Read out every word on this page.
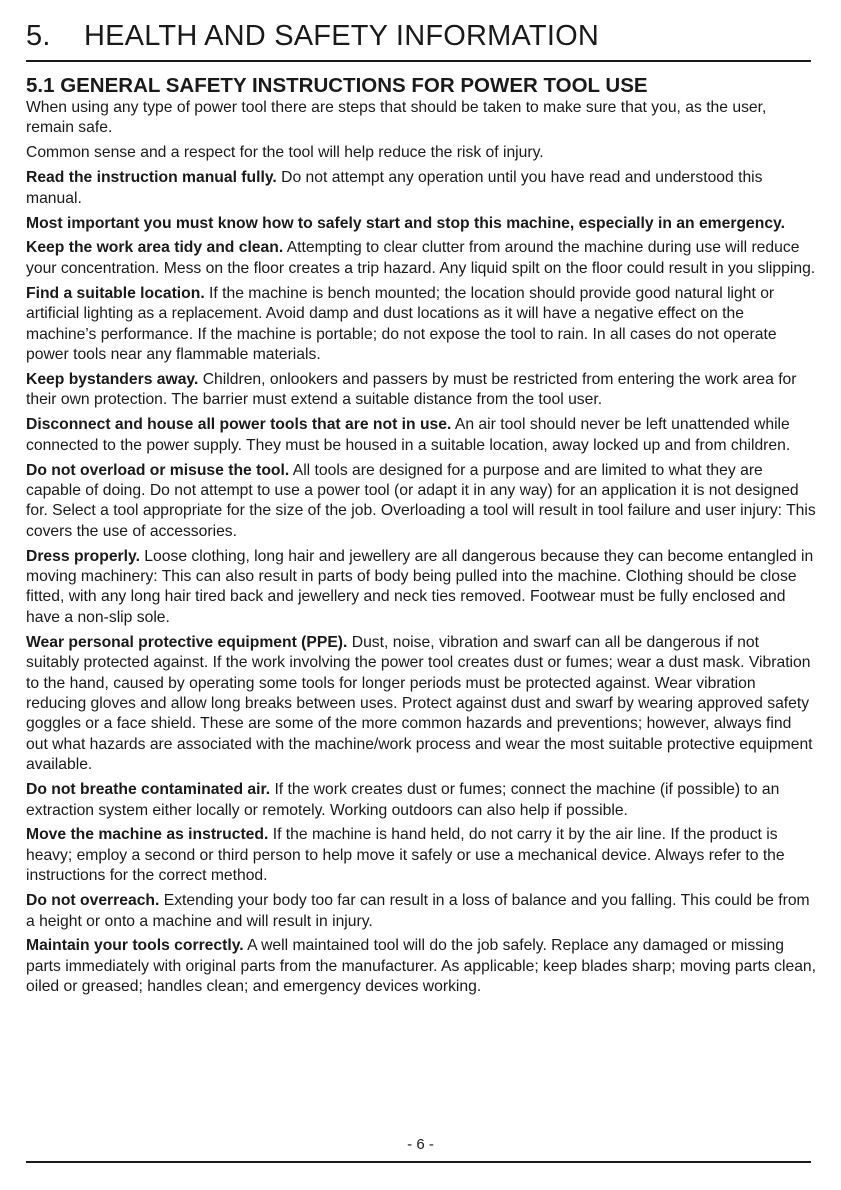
5. HEALTH AND SAFETY INFORMATION
5.1 GENERAL SAFETY INSTRUCTIONS FOR POWER TOOL USE

When using any type of power tool there are steps that should be taken to make sure that you, as the user, remain safe.

Common sense and a respect for the tool will help reduce the risk of injury.

Read the instruction manual fully. Do not attempt any operation until you have read and understood this manual.

Most important you must know how to safely start and stop this machine, especially in an emergency.

Keep the work area tidy and clean. Attempting to clear clutter from around the machine during use will reduce your concentration. Mess on the floor creates a trip hazard. Any liquid spilt on the floor could result in you slipping.

Find a suitable location. If the machine is bench mounted; the location should provide good natural light or artificial lighting as a replacement. Avoid damp and dust locations as it will have a negative effect on the machine’s performance. If the machine is portable; do not expose the tool to rain. In all cases do not operate power tools near any flammable materials.

Keep bystanders away. Children, onlookers and passers by must be restricted from entering the work area for their own protection. The barrier must extend a suitable distance from the tool user.

Disconnect and house all power tools that are not in use. An air tool should never be left unattended while connected to the power supply. They must be housed in a suitable location, away locked up and from children.

Do not overload or misuse the tool. All tools are designed for a purpose and are limited to what they are capable of doing. Do not attempt to use a power tool (or adapt it in any way) for an application it is not designed for. Select a tool appropriate for the size of the job. Overloading a tool will result in tool failure and user injury: This covers the use of accessories.

Dress properly. Loose clothing, long hair and jewellery are all dangerous because they can become entangled in moving machinery: This can also result in parts of body being pulled into the machine. Clothing should be close fitted, with any long hair tired back and jewellery and neck ties removed. Footwear must be fully enclosed and have a non-slip sole.

Wear personal protective equipment (PPE). Dust, noise, vibration and swarf can all be dangerous if not suitably protected against. If the work involving the power tool creates dust or fumes; wear a dust mask. Vibration to the hand, caused by operating some tools for longer periods must be protected against. Wear vibration reducing gloves and allow long breaks between uses. Protect against dust and swarf by wearing approved safety goggles or a face shield. These are some of the more common hazards and preventions; however, always find out what hazards are associated with the machine/work process and wear the most suitable protective equipment available.

Do not breathe contaminated air. If the work creates dust or fumes; connect the machine (if possible) to an extraction system either locally or remotely. Working outdoors can also help if possible.

Move the machine as instructed. If the machine is hand held, do not carry it by the air line. If the product is heavy; employ a second or third person to help move it safely or use a mechanical device. Always refer to the instructions for the correct method.

Do not overreach. Extending your body too far can result in a loss of balance and you falling. This could be from a height or onto a machine and will result in injury.

Maintain your tools correctly. A well maintained tool will do the job safely. Replace any damaged or missing parts immediately with original parts from the manufacturer. As applicable; keep blades sharp; moving parts clean, oiled or greased; handles clean; and emergency devices working.

- 6 -
